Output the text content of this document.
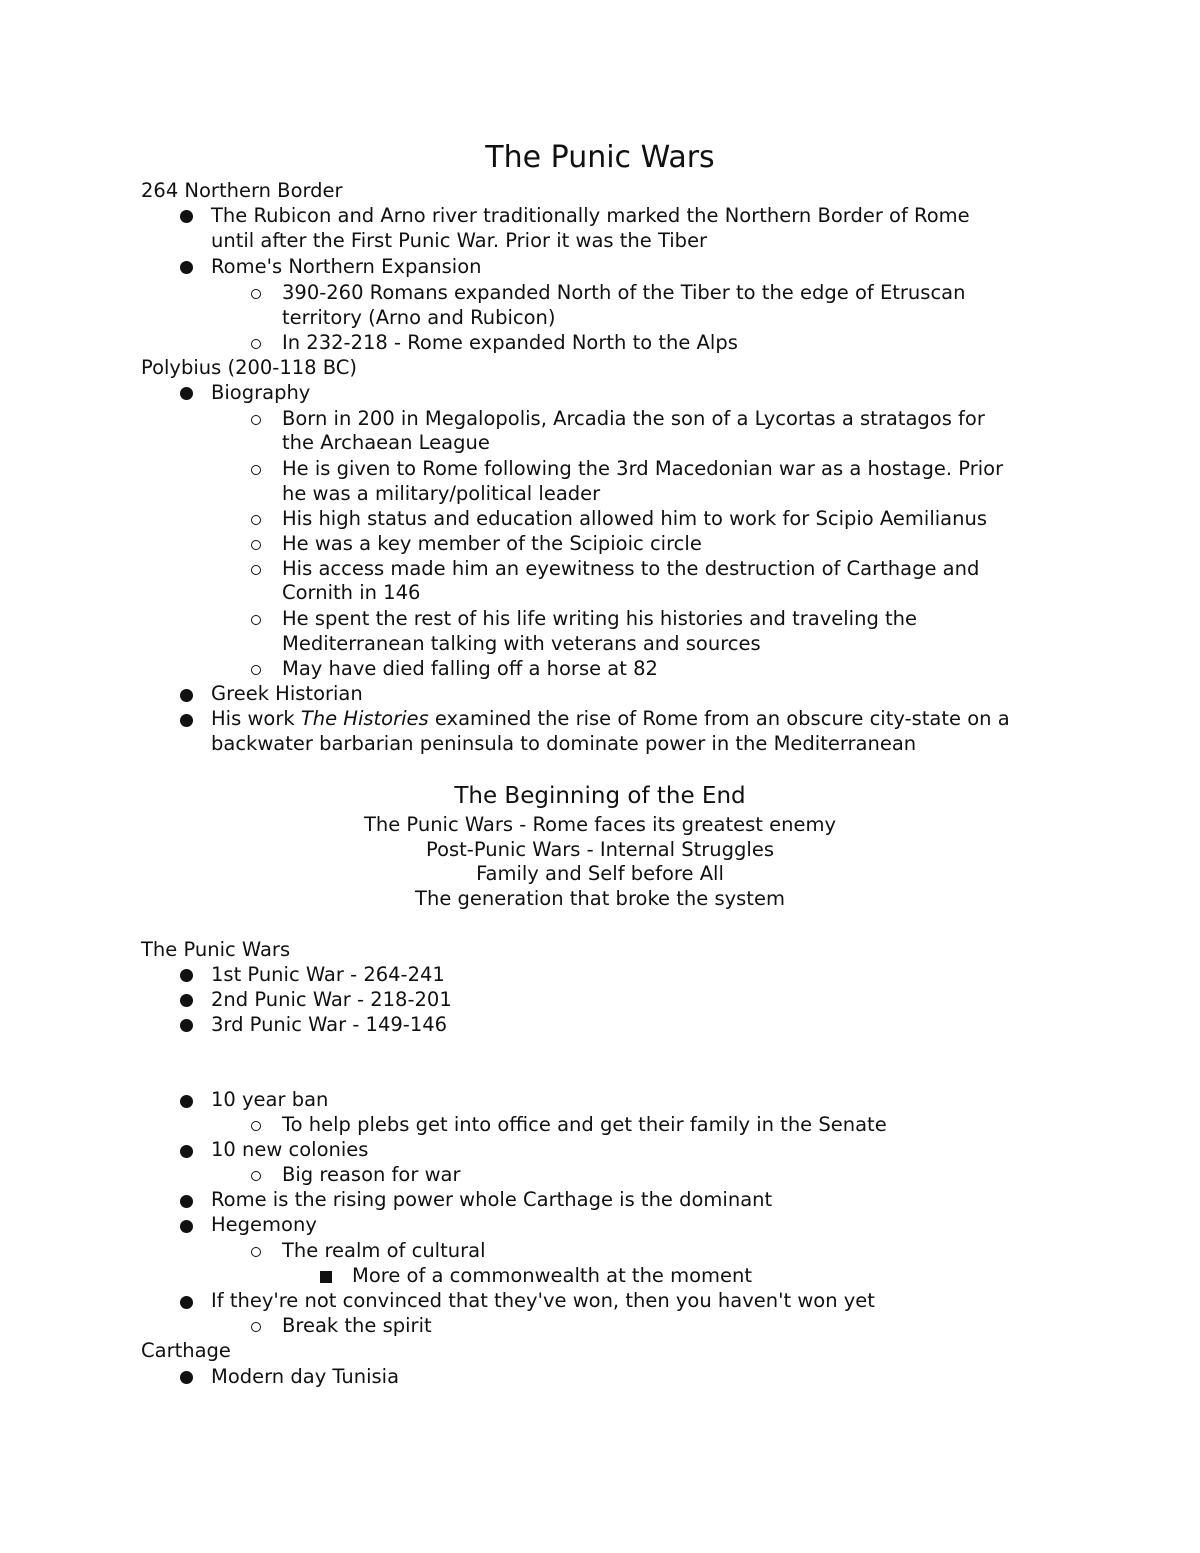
The Punic Wars
264 Northern Border
The Rubicon and Arno river traditionally marked the Northern Border of Rome
until after the First Punic War. Prior it was the Tiber
Rome's Northern Expansion
390-260 Romans expanded North of the Tiber to the edge of Etruscan
territory (Arno and Rubicon)
In 232-218 - Rome expanded North to the Alps
Polybius (200-118 BC)
Biography
Born in 200 in Megalopolis, Arcadia the son of a Lycortas a stratagos for
the Archaean League
He is given to Rome following the 3rd Macedonian war as a hostage. Prior
he was a military/political leader
His high status and education allowed him to work for Scipio Aemilianus
He was a key member of the Scipioic circle
His access made him an eyewitness to the destruction of Carthage and
Cornith in 146
He spent the rest of his life writing his histories and traveling the
Mediterranean talking with veterans and sources
May have died falling off a horse at 82
Greek Historian
His work The Histories examined the rise of Rome from an obscure city-state on a
backwater barbarian peninsula to dominate power in the Mediterranean
The Beginning of the End
The Punic Wars - Rome faces its greatest enemy
Post-Punic Wars - Internal Struggles
Family and Self before All
The generation that broke the system
The Punic Wars
1st Punic War - 264-241
2nd Punic War - 218-201
3rd Punic War - 149-146
10 year ban
To help plebs get into office and get their family in the Senate
10 new colonies
Big reason for war
Rome is the rising power whole Carthage is the dominant
Hegemony
The realm of cultural
More of a commonwealth at the moment
If they're not convinced that they've won, then you haven't won yet
Break the spirit
Carthage
Modern day Tunisia
